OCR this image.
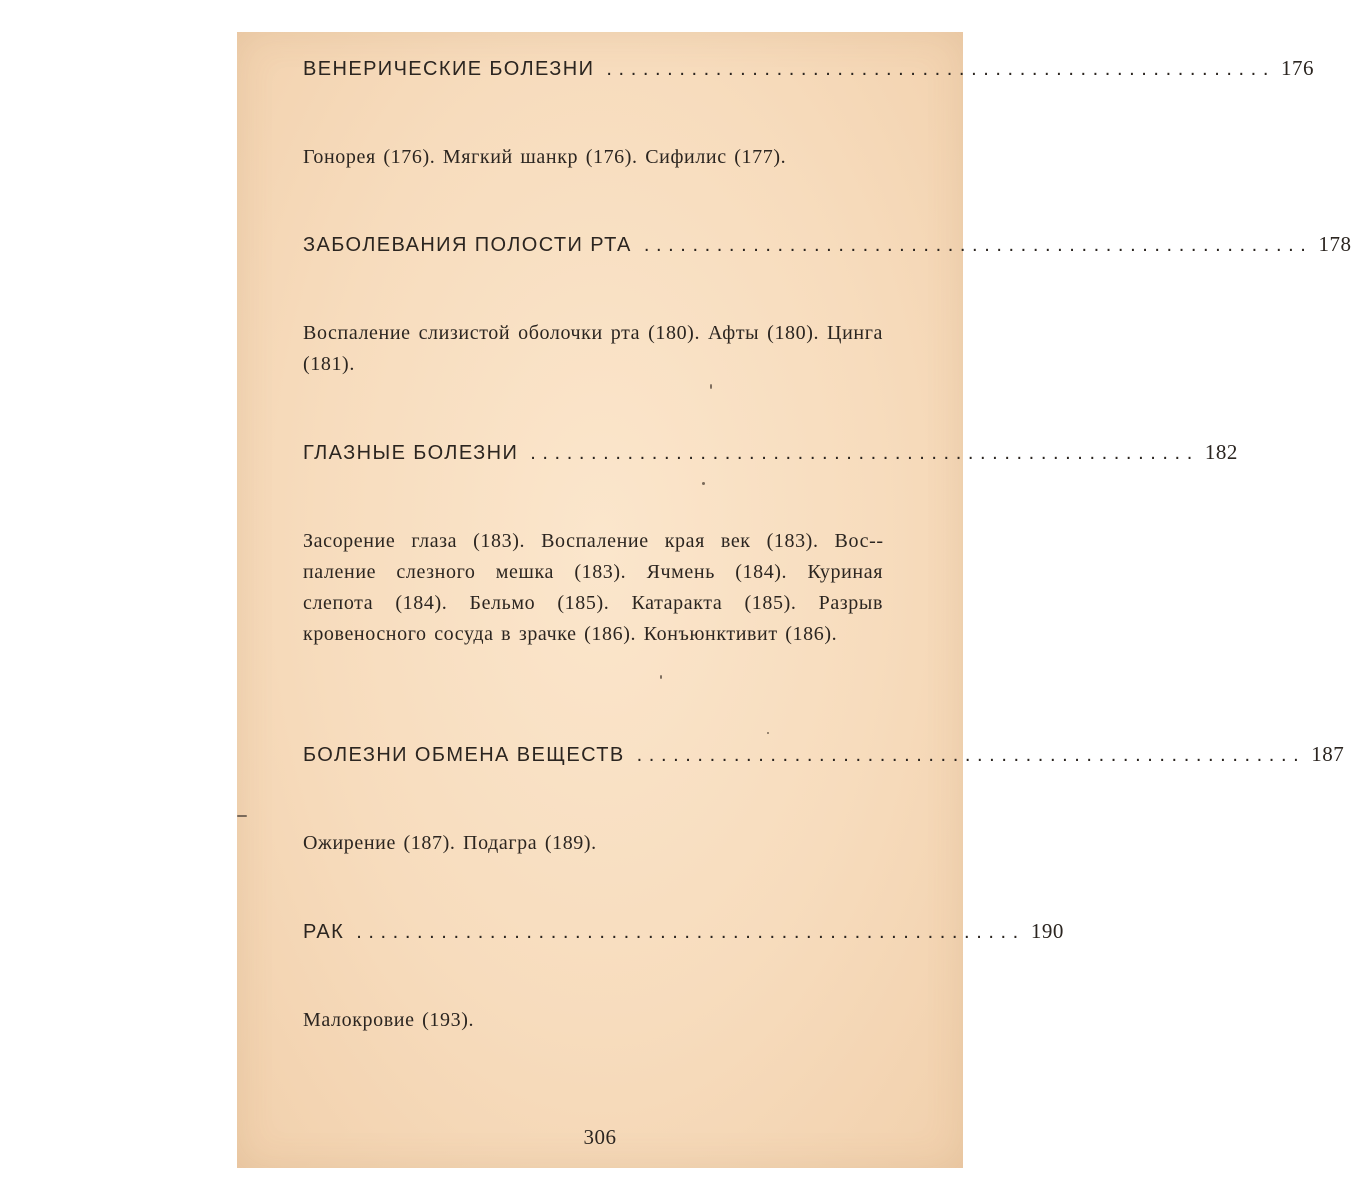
ВЕНЕРИЧЕСКИЕ БОЛЕЗНИ ....................................................... 176
Гонорея (176). Мягкий шанкр (176). Сифилис (177).
ЗАБОЛЕВАНИЯ ПОЛОСТИ РТА ....................................................... 178
Воспаление слизистой оболочки рта (180). Афты (180). Цинга (181).
ГЛАЗНЫЕ БОЛЕЗНИ ....................................................... 182
Засорение глаза (183). Воспаление края век (183). Вос-паление слезного мешка (183). Ячмень (184). Куриная слепота (184). Бельмо (185). Катаракта (185). Разрыв кровеносного сосуда в зрачке (186). Конъюнктивит (186).
БОЛЕЗНИ ОБМЕНА ВЕЩЕСТВ ....................................................... 187
Ожирение (187). Подагра (189).
РАК ....................................................... 190
Малокровие (193).
306
